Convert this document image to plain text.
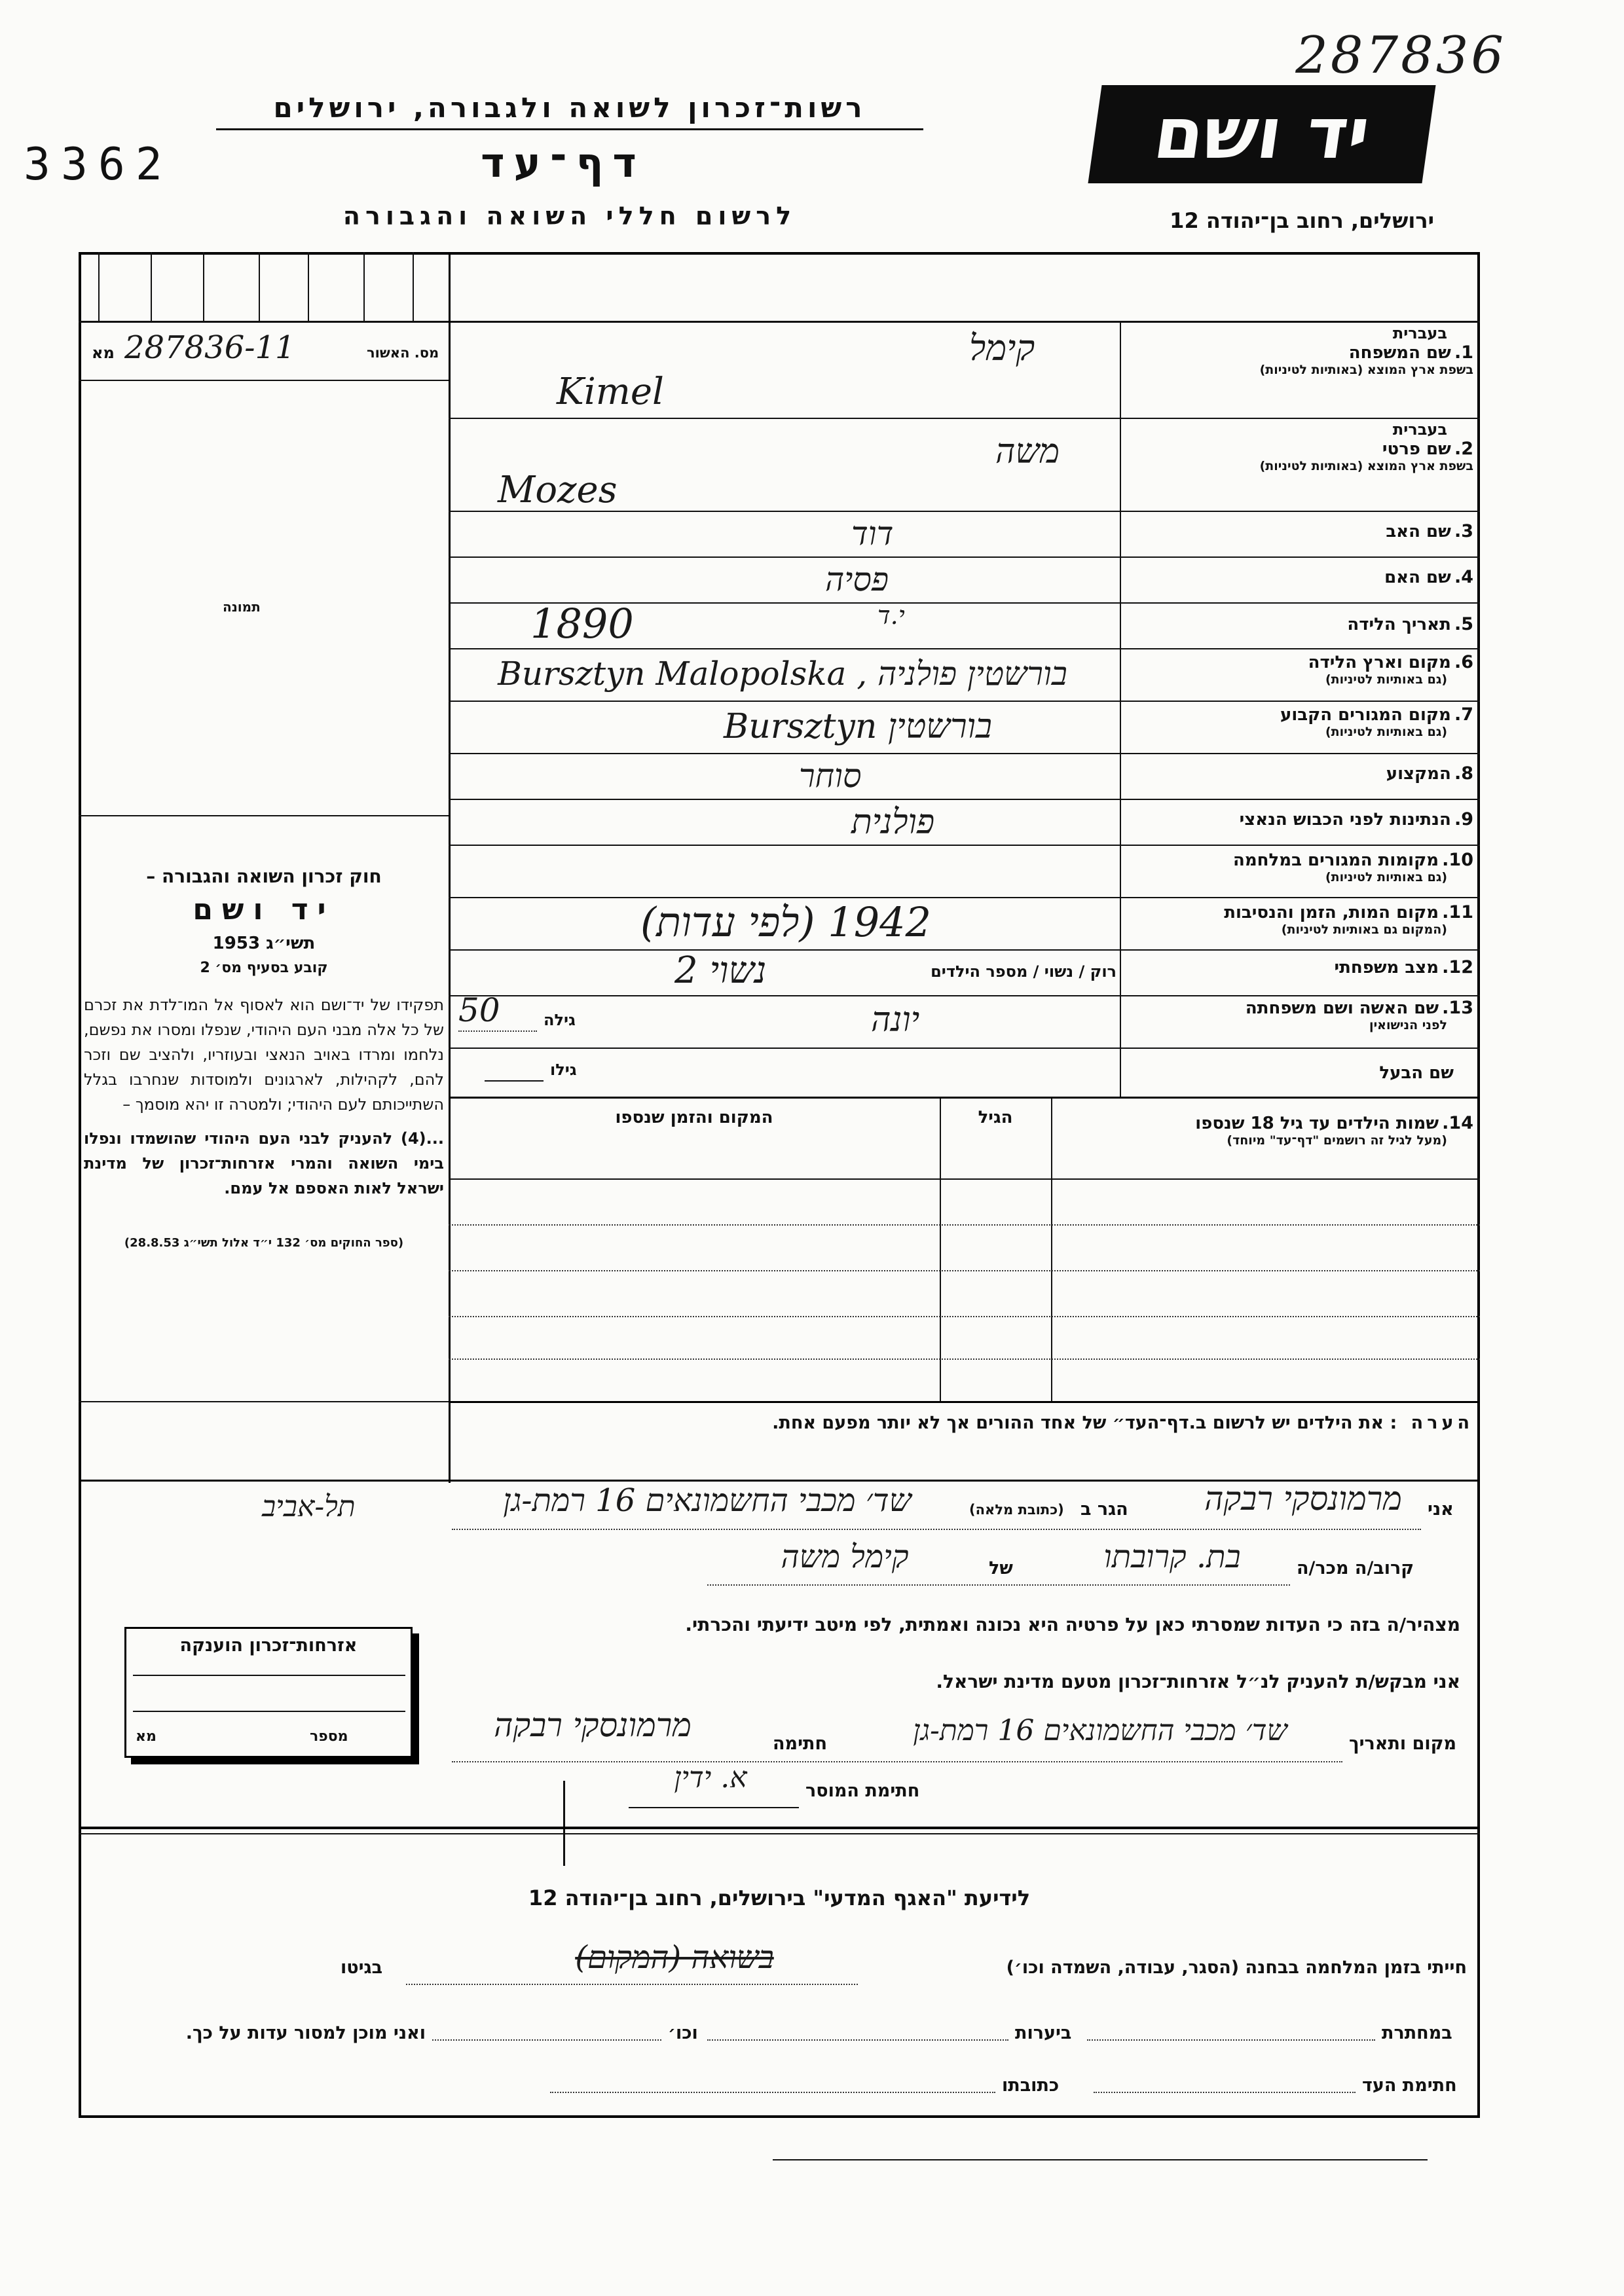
287836
3362
רשות־זכרון לשואה ולגבורה, ירושלים
דף־עד
לרשום חללי השואה והגבורה
יד ושם
ירושלים, רחוב בן־יהודה 12
מא 287836-11	מס. האשור
תמונה
חוק זכרון השואה והגבורה –
יד ושם
תשי״ג 1953
קובע בסעיף מס׳ 2
תפקידו של יד־ושם הוא לאסוף אל המו־לדת את זכרם של כל אלה מבני העם היהודי, שנפלו ומסרו את נפשם, נלחמו ומרדו באויב הנאצי ובעוזריו, ולהציב שם וזכר להם, לקהילות, לארגונים ולמוסדות שנחרבו בגלל השתייכותם לעם היהודי; ולמטרה זו יהא מוסמך –
...(4) להעניק לבני העם היהודי שהושמדו ונפלו בימי השואה והמרי אזרחות־זכרון של מדינת ישראל לאות האספם אל עמם.
(ספר החוקים מס׳ 132 י״ד אלול תשי״ג 28.8.53)
בעברית
1. שם המשפחה
בשפת ארץ המוצא (באותיות לטיניות)
קימל
Kimel
בעברית
2. שם פרטי
בשפת ארץ המוצא (באותיות לטיניות)
משה
Mozes
3. שם האב
דוד
4. שם האם
פסיה
5. תאריך הלידה
1890	י.ד
6. מקום וארץ הלידה
(גם באותיות לטיניות)
בורשטין פולניה , Bursztyn Malopolska
7. מקום המגורים הקבוע
(גם באותיות לטיניות)
בורשטין Bursztyn
8. המקצוע
סוחר
9. הנתינות לפני הכבוש הנאצי
פולנית
10. מקומות המגורים במלחמה
(גם באותיות לטיניות)
11. מקום המות, הזמן והנסיבות
(המקום גם באותיות לטיניות)
1942 (לפי עדות)
12. מצב משפחתי
רוק / נשוי / מספר הילדים
נשוי 2
13. שם האשה ושם משפחתה
לפני הנישואין
יונה
גילה
50
גילו	שם הבעל
14. שמות הילדים עד גיל 18 שנספו
(מעל לגיל זה רושמים "דף־עד" מיוחד)
הגיל
המקום והזמן שנספו
הערה : את הילדים יש לרשום ב.דף־העד״ של אחד ההורים אך לא יותר מפעם אחת.
אני
מרמונסקי רבקה
הגר ב
(כתובת מלאה)
שד׳ מכבי החשמונאים 16 רמת-גן
תל-אביב
קרוב/ה מכר/ה
בת. קרובתו
של
קימל משה
מצהיר/ה בזה כי העדות שמסרתי כאן על פרטיה היא נכונה ואמתית, לפי מיטב ידיעתי והכרתי.
אני מבקש/ת להעניק לנ״ל אזרחות־זכרון מטעם מדינת ישראל.
מקום ותאריך
שד׳ מכבי החשמונאים 16 רמת-גן
חתימה
מרמונסקי רבקה
חתימת המוסר
א. ידין
אזרחות־זכרון הוענקה
מספר
מא
לידיעת "האגף המדעי" בירושלים, רחוב בן־יהודה 12
חייתי בזמן המלחמה בבחנה (הסגר, עבודה, השמדה וכו׳)
בשואה (המקום)
בגיטו
במחתרת
ביערות
וכו׳
ואני מוכן למסור עדות על כך.
חתימת העד
כתובתו
